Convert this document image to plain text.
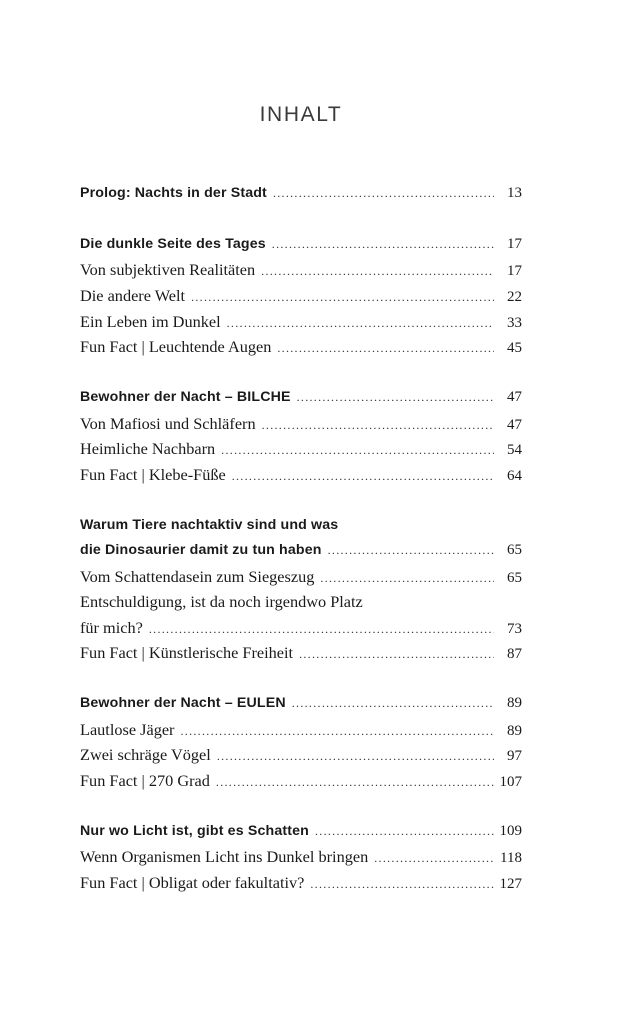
INHALT
Prolog: Nachts in der Stadt .....	13
Die dunkle Seite des Tages .....	17
Von subjektiven Realitäten .....	17
Die andere Welt .....	22
Ein Leben im Dunkel .....	33
Fun Fact | Leuchtende Augen .....	45
Bewohner der Nacht – BILCHE .....	47
Von Mafiosi und Schläfern .....	47
Heimliche Nachbarn .....	54
Fun Fact | Klebe-Füße .....	64
Warum Tiere nachtaktiv sind und was
die Dinosaurier damit zu tun haben .....	65
Vom Schattendasein zum Siegeszug .....	65
Entschuldigung, ist da noch irgendwo Platz
für mich? .....	73
Fun Fact | Künstlerische Freiheit .....	87
Bewohner der Nacht – EULEN .....	89
Lautlose Jäger .....	89
Zwei schräge Vögel .....	97
Fun Fact | 270 Grad .....	107
Nur wo Licht ist, gibt es Schatten .....	109
Wenn Organismen Licht ins Dunkel bringen .....	118
Fun Fact | Obligat oder fakultativ? .....	127
